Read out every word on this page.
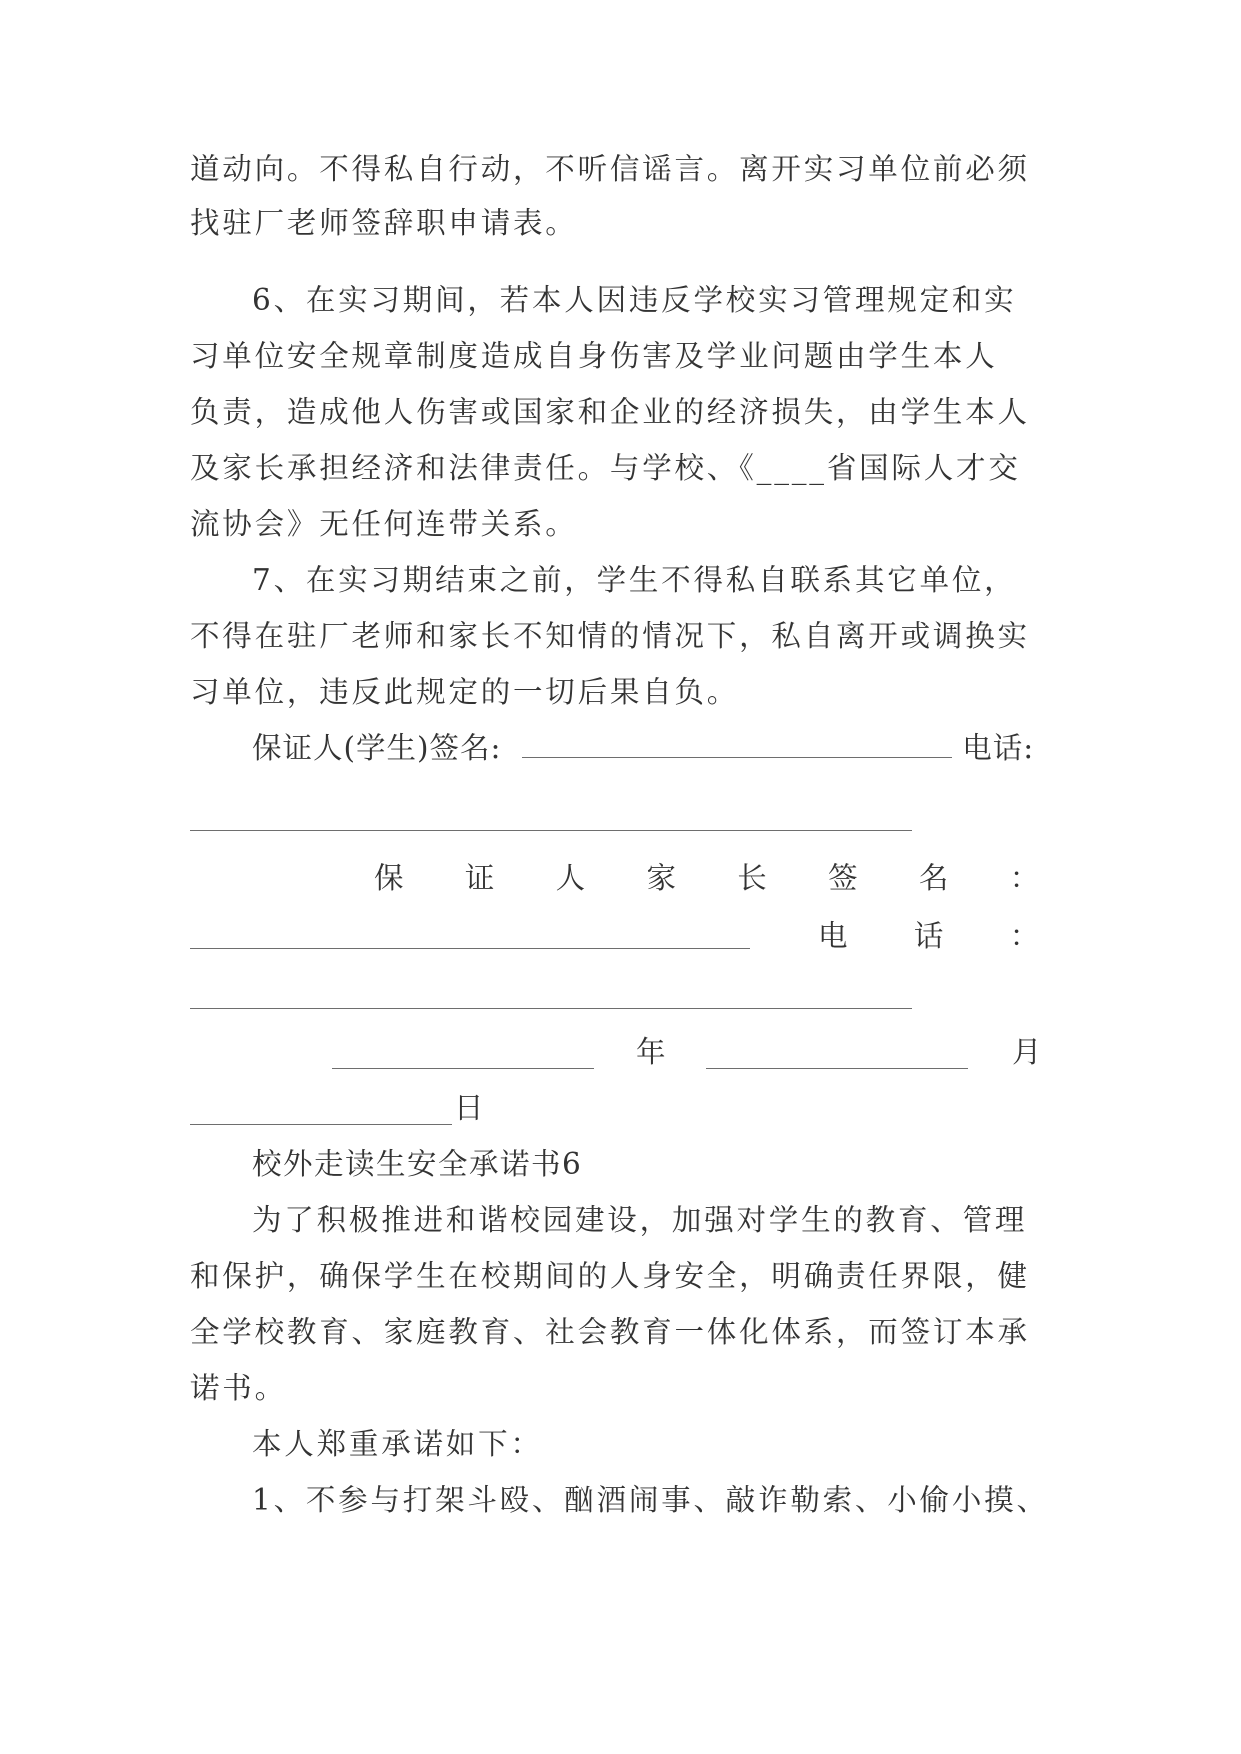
道动向。不得私自行动，不听信谣言。离开实习单位前必须
找驻厂老师签辞职申请表。
6、在实习期间，若本人因违反学校实习管理规定和实
习单位安全规章制度造成自身伤害及学业问题由学生本人
负责，造成他人伤害或国家和企业的经济损失，由学生本人
及家长承担经济和法律责任。与学校、《____省国际人才交
流协会》无任何连带关系。
7、在实习期结束之前，学生不得私自联系其它单位，
不得在驻厂老师和家长不知情的情况下，私自离开或调换实
习单位，违反此规定的一切后果自负。
保证人(学生)签名:	电话:
保 证 人 家 长 签 名 ：
电 话 ：
年	月
日
校外走读生安全承诺书6
为了积极推进和谐校园建设，加强对学生的教育、管理
和保护，确保学生在校期间的人身安全，明确责任界限，健
全学校教育、家庭教育、社会教育一体化体系，而签订本承
诺书。
本人郑重承诺如下：
1、不参与打架斗殴、酗酒闹事、敲诈勒索、小偷小摸、
